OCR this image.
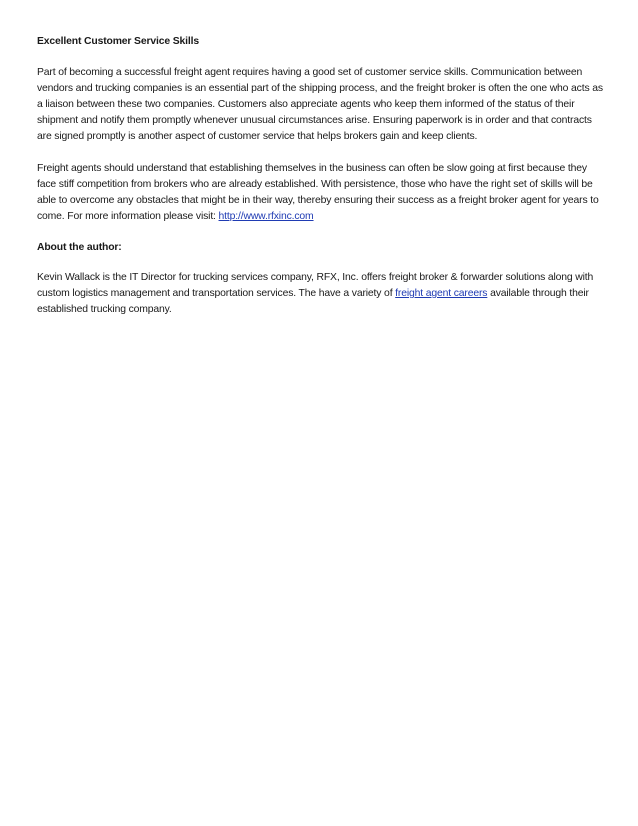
Excellent Customer Service Skills

Part of becoming a successful freight agent requires having a good set of customer service skills. Communication between vendors and trucking companies is an essential part of the shipping process, and the freight broker is often the one who acts as a liaison between these two companies. Customers also appreciate agents who keep them informed of the status of their shipment and notify them promptly whenever unusual circumstances arise. Ensuring paperwork is in order and that contracts are signed promptly is another aspect of customer service that helps brokers gain and keep clients.

Freight agents should understand that establishing themselves in the business can often be slow going at first because they face stiff competition from brokers who are already established. With persistence, those who have the right set of skills will be able to overcome any obstacles that might be in their way, thereby ensuring their success as a freight broker agent for years to come. For more information please visit: http://www.rfxinc.com

About the author:

Kevin Wallack is the IT Director for trucking services company, RFX, Inc. offers freight broker & forwarder solutions along with custom logistics management and transportation services. The have a variety of freight agent careers available through their established trucking company.
